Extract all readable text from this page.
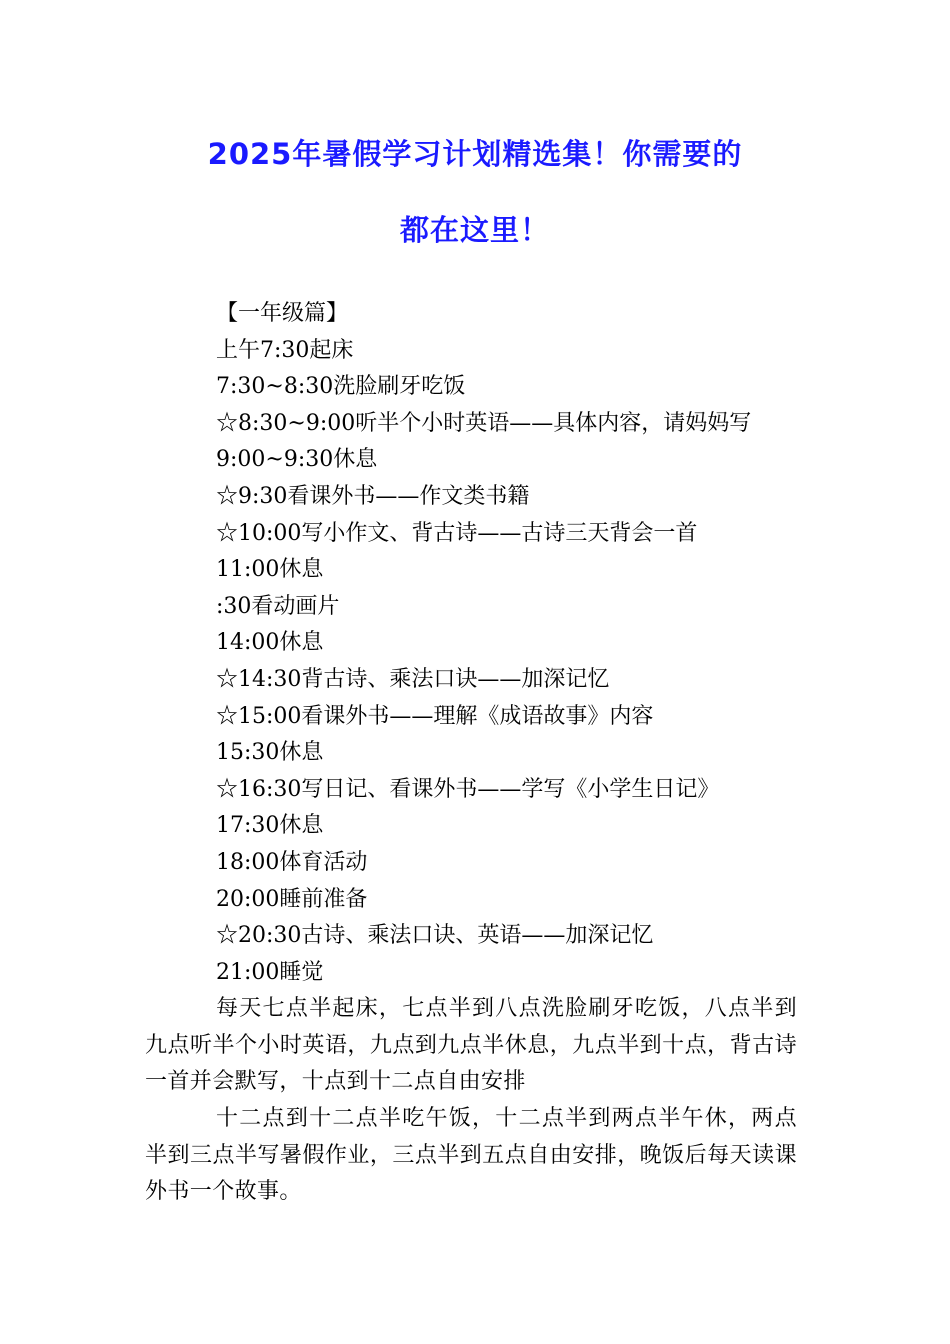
2025年暑假学习计划精选集！你需要的
都在这里！
【一年级篇】
上午7:30起床
7:30~8:30洗脸刷牙吃饭
☆8:30~9:00听半个小时英语——具体内容，请妈妈写
9:00~9:30休息
☆9:30看课外书——作文类书籍
☆10:00写小作文、背古诗——古诗三天背会一首
11:00休息
:30看动画片
14:00休息
☆14:30背古诗、乘法口诀——加深记忆
☆15:00看课外书——理解《成语故事》内容
15:30休息
☆16:30写日记、看课外书——学写《小学生日记》
17:30休息
18:00体育活动
20:00睡前准备
☆20:30古诗、乘法口诀、英语——加深记忆
21:00睡觉
每天七点半起床，七点半到八点洗脸刷牙吃饭，八点半到九点听半个小时英语，九点到九点半休息，九点半到十点，背古诗一首并会默写，十点到十二点自由安排
十二点到十二点半吃午饭，十二点半到两点半午休，两点半到三点半写暑假作业，三点半到五点自由安排，晚饭后每天读课外书一个故事。
